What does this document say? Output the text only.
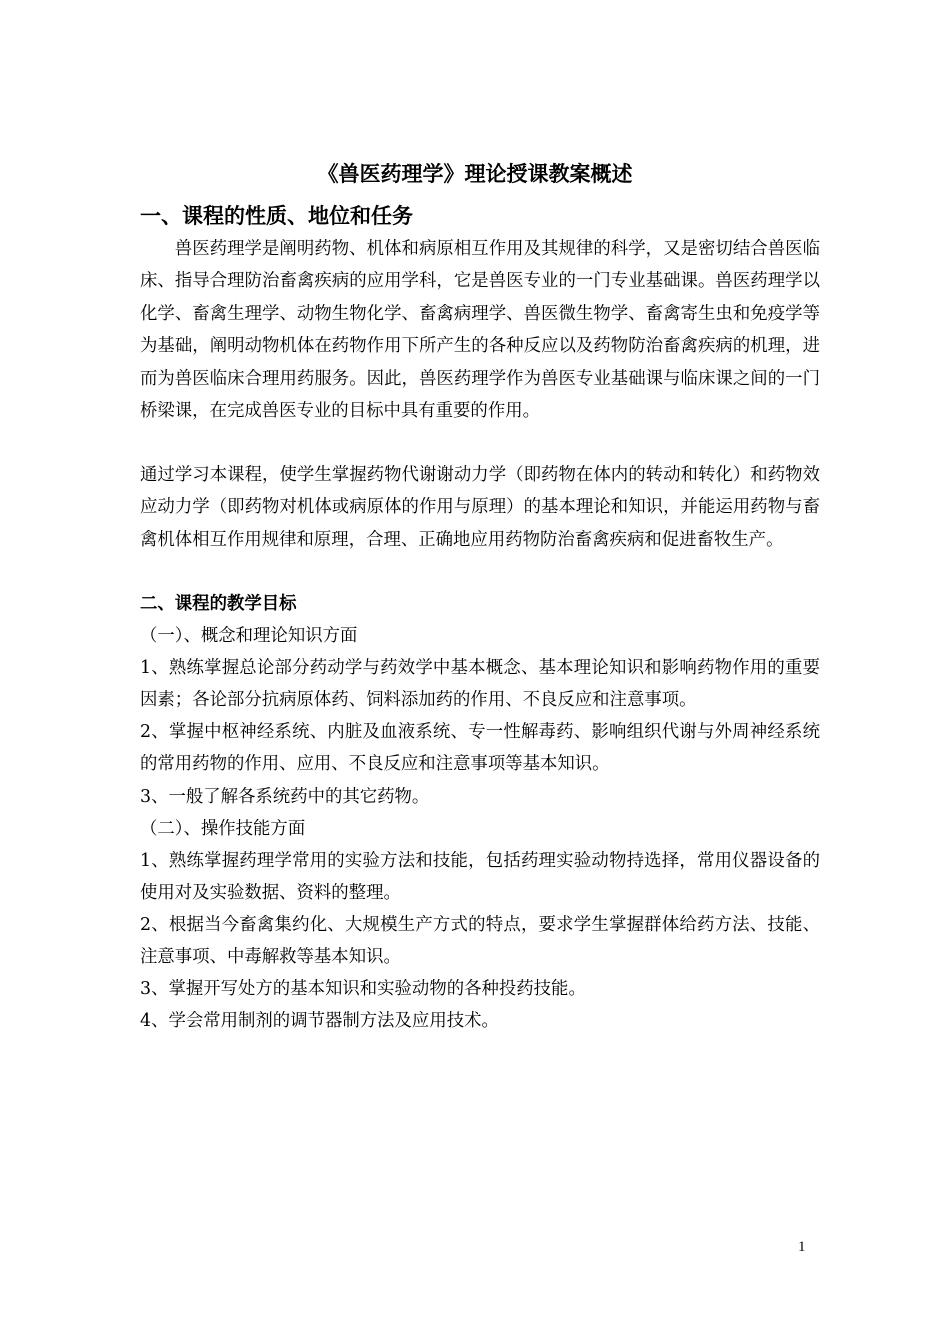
《兽医药理学》理论授课教案概述
一、课程的性质、地位和任务

兽医药理学是阐明药物、机体和病原相互作用及其规律的科学，又是密切结合兽医临床、指导合理防治畜禽疾病的应用学科，它是兽医专业的一门专业基础课。兽医药理学以化学、畜禽生理学、动物生物化学、畜禽病理学、兽医微生物学、畜禽寄生虫和免疫学等为基础，阐明动物机体在药物作用下所产生的各种反应以及药物防治畜禽疾病的机理，进而为兽医临床合理用药服务。因此，兽医药理学作为兽医专业基础课与临床课之间的一门桥梁课，在完成兽医专业的目标中具有重要的作用。

通过学习本课程，使学生掌握药物代谢谢动力学（即药物在体内的转动和转化）和药物效应动力学（即药物对机体或病原体的作用与原理）的基本理论和知识，并能运用药物与畜禽机体相互作用规律和原理，合理、正确地应用药物防治畜禽疾病和促进畜牧生产。

二、课程的教学目标

（一）、概念和理论知识方面

1、熟练掌握总论部分药动学与药效学中基本概念、基本理论知识和影响药物作用的重要因素；各论部分抗病原体药、饲料添加药的作用、不良反应和注意事项。

2、掌握中枢神经系统、内脏及血液系统、专一性解毒药、影响组织代谢与外周神经系统的常用药物的作用、应用、不良反应和注意事项等基本知识。

3、一般了解各系统药中的其它药物。

（二）、操作技能方面

1、熟练掌握药理学常用的实验方法和技能，包括药理实验动物持选择，常用仪器设备的使用对及实验数据、资料的整理。

2、根据当今畜禽集约化、大规模生产方式的特点，要求学生掌握群体给药方法、技能、注意事项、中毒解救等基本知识。

3、掌握开写处方的基本知识和实验动物的各种投药技能。

4、学会常用制剂的调节器制方法及应用技术。

1
